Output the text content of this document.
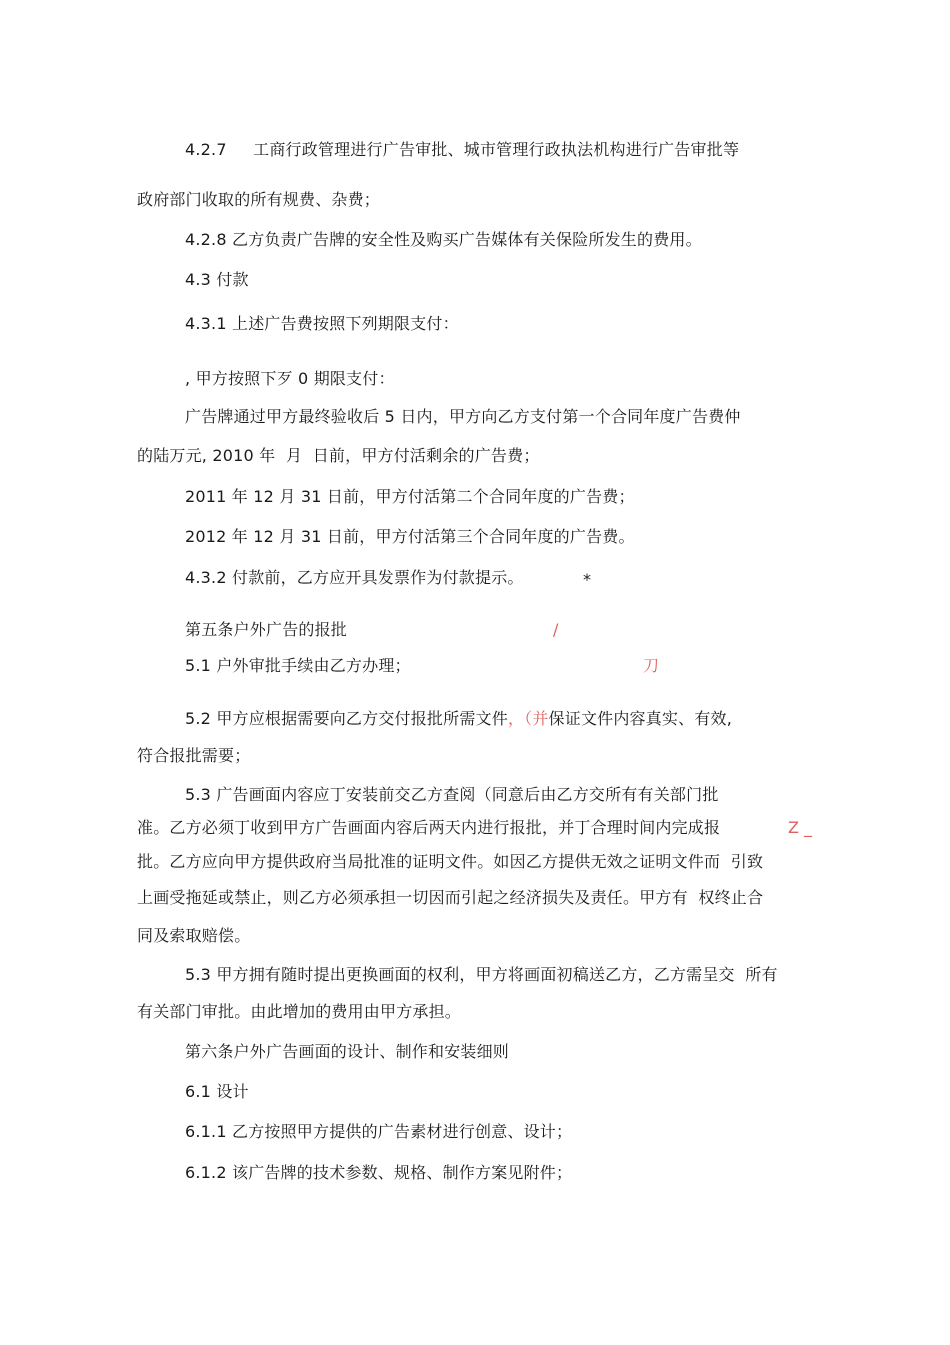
4.2.7     工商行政管理进行广告审批、城市管理行政执法机构进行广告审批等
政府部门收取的所有规费、杂费；
4.2.8 乙方负责广告牌的安全性及购买广告媒体有关保险所发生的费用。
4.3 付款
4.3.1 上述广告费按照下列期限支付：
, 甲方按照下歹 0 期限支付：
广告牌通过甲方最终验收后 5 日内，甲方向乙方支付第一个合同年度广告费仲
的陆万元, 2010 年  月  日前，甲方付活剩余的广告费；
2011 年 12 月 31 日前，甲方付活第二个合同年度的广告费；
2012 年 12 月 31 日前，甲方付活第三个合同年度的广告费。
4.3.2 付款前，乙方应开具发票作为付款提示。	*
第五条户外广告的报批	/
5.1 户外审批手续由乙方办理；	刀
5.2 甲方应根据需要向乙方交付报批所需文件，（并保证文件内容真实、有效,
符合报批需要；
5.3 广告画面内容应丁安装前交乙方查阅（同意后由乙方交所有有关部门批
准。乙方必须丁收到甲方广告画面内容后两天内进行报批，并丁合理时间内完成报	Z _
批。乙方应向甲方提供政府当局批准的证明文件。如因乙方提供无效之证明文件而  引致
上画受拖延或禁止，则乙方必须承担一切因而引起之经济损失及责任。甲方有  权终止合
同及索取赔偿。
5.3 甲方拥有随时提出更换画面的权利，甲方将画面初稿送乙方，乙方需呈交  所有
有关部门审批。由此增加的费用由甲方承担。
第六条户外广告画面的设计、制作和安装细则
6.1 设计
6.1.1 乙方按照甲方提供的广告素材进行创意、设计；
6.1.2 该广告牌的技术参数、规格、制作方案见附件；
